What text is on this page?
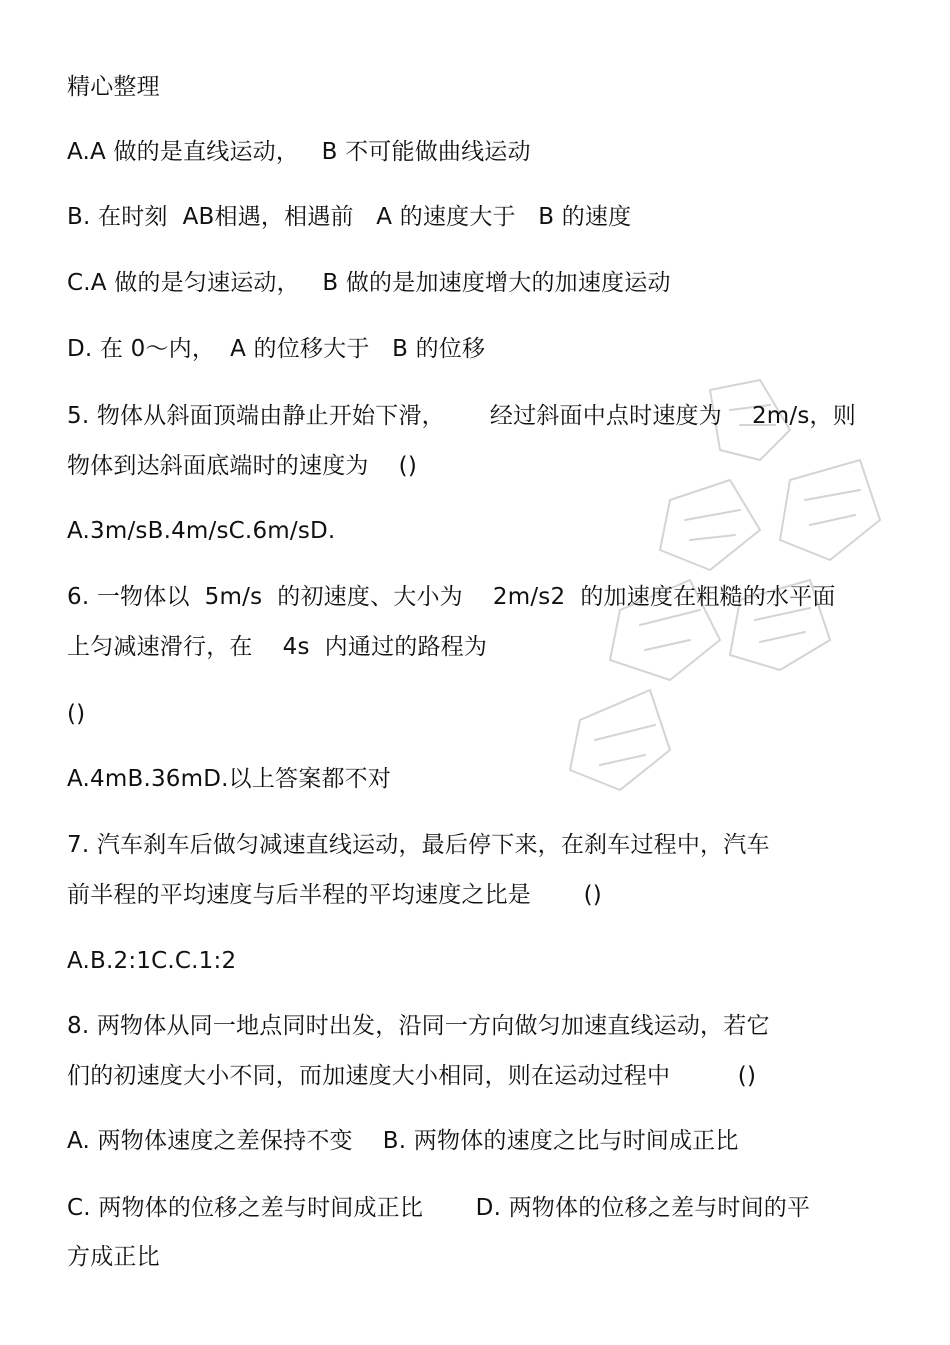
精心整理
A.A 做的是直线运动，   B 不可能做曲线运动
B. 在时刻  AB相遇，相遇前   A 的速度大于   B 的速度
C.A 做的是匀速运动，   B 做的是加速度增大的加速度运动
D. 在 0～内，  A 的位移大于   B 的位移
5. 物体从斜面顶端由静止开始下滑，      经过斜面中点时速度为    2m/s，则
物体到达斜面底端时的速度为    ()
A.3m/sB.4m/sC.6m/sD.
6. 一物体以  5m/s  的初速度、大小为    2m/s2  的加速度在粗糙的水平面
上匀减速滑行，在    4s  内通过的路程为
()
A.4mB.36mD.以上答案都不对
7. 汽车刹车后做匀减速直线运动，最后停下来，在刹车过程中，汽车
前半程的平均速度与后半程的平均速度之比是       ()
A.B.2:1C.C.1:2
8. 两物体从同一地点同时出发，沿同一方向做匀加速直线运动，若它
们的初速度大小不同，而加速度大小相同，则在运动过程中         ()
A. 两物体速度之差保持不变    B. 两物体的速度之比与时间成正比
C. 两物体的位移之差与时间成正比       D. 两物体的位移之差与时间的平
方成正比
